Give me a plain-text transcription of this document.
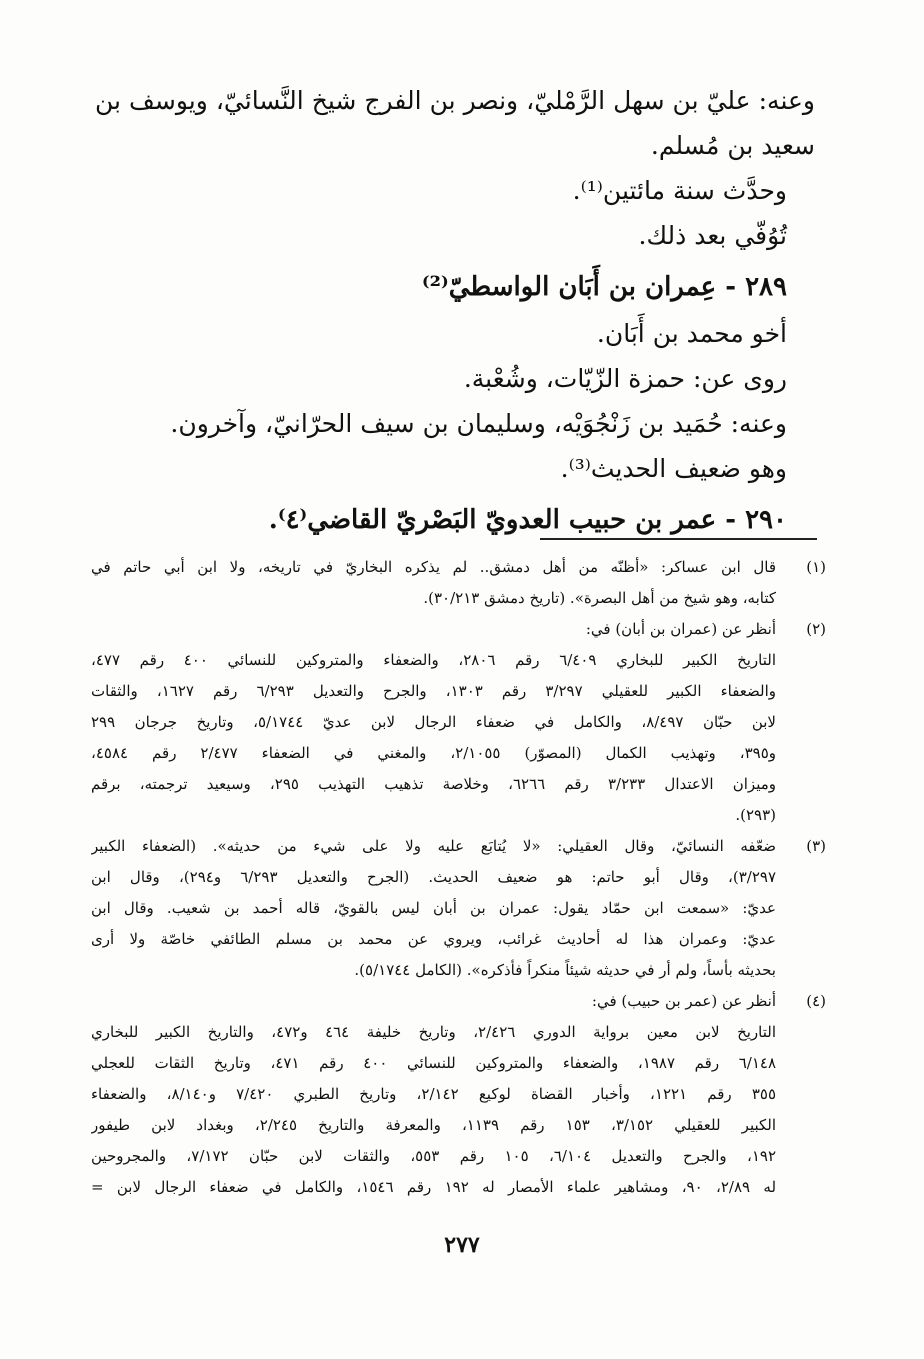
وعنه: عليّ بن سهل الرَّمْليّ، ونصر بن الفرج شيخ النَّسائيّ، ويوسف بن
سعيد بن مُسلم.
وحدَّث سنة مائتين⁽¹⁾.
تُوُفّي بعد ذلك.
٢٨٩ - عِمران بن أَبَان الواسطيّ⁽²⁾
أخو محمد بن أَبَان.
روى عن: حمزة الزّيّات، وشُعْبة.
وعنه: حُمَيد بن زَنْجُوَيْه، وسليمان بن سيف الحرّانيّ، وآخرون.
وهو ضعيف الحديث⁽³⁾.
٢٩٠ - عمر بن حبيب العدويّ البَصْريّ القاضي⁽٤⁾.
(١)
قال ابن عساكر: «أظنّه من أهل دمشق.. لم يذكره البخاريّ في تاريخه، ولا ابن أبي حاتم في
كتابه، وهو شيخ من أهل البصرة». (تاريخ دمشق ٣٠/٢١٣).
(٢)
أنظر عن (عمران بن أبان) في:
التاريخ الكبير للبخاري ٦/٤٠٩ رقم ٢٨٠٦، والضعفاء والمتروكين للنسائي ٤٠٠ رقم ٤٧٧،
والضعفاء الكبير للعقيلي ٣/٢٩٧ رقم ١٣٠٣، والجرح والتعديل ٦/٢٩٣ رقم ١٦٢٧، والثقات
لابن حبّان ٨/٤٩٧، والكامل في ضعفاء الرجال لابن عديّ ٥/١٧٤٤، وتاريخ جرجان ٢٩٩
و٣٩٥، وتهذيب الكمال (المصوّر) ٢/١٠٥٥، والمغني في الضعفاء ٢/٤٧٧ رقم ٤٥٨٤،
وميزان الاعتدال ٣/٢٣٣ رقم ٦٢٦٦، وخلاصة تذهيب التهذيب ٢٩٥، وسيعيد ترجمته، برقم
(٢٩٣).
(٣)
ضعّفه النسائيّ، وقال العقيلي: «لا يُتابَع عليه ولا على شيء من حديثه». (الضعفاء الكبير
٣/٢٩٧)، وقال أبو حاتم: هو ضعيف الحديث. (الجرح والتعديل ٦/٢٩٣ و٢٩٤)، وقال ابن
عديّ: «سمعت ابن حمّاد يقول: عمران بن أبان ليس بالقويّ، قاله أحمد بن شعيب. وقال ابن
عديّ: وعمران هذا له أحاديث غرائب، ويروي عن محمد بن مسلم الطائفي خاصّة ولا أرى
بحديثه بأساً، ولم أر في حديثه شيئاً منكراً فأذكره». (الكامل ٥/١٧٤٤).
(٤)
أنظر عن (عمر بن حبيب) في:
التاريخ لابن معين برواية الدوري ٢/٤٢٦، وتاريخ خليفة ٤٦٤ و٤٧٢، والتاريخ الكبير للبخاري
٦/١٤٨ رقم ١٩٨٧، والضعفاء والمتروكين للنسائي ٤٠٠ رقم ٤٧١، وتاريخ الثقات للعجلي
٣٥٥ رقم ١٢٢١، وأخبار القضاة لوكيع ٢/١٤٢، وتاريخ الطبري ٧/٤٢٠ و٨/١٤٠، والضعفاء
الكبير للعقيلي ٣/١٥٢، ١٥٣ رقم ١١٣٩، والمعرفة والتاريخ ٢/٢٤٥، وبغداد لابن طيفور
١٩٢، والجرح والتعديل ٦/١٠٤، ١٠٥ رقم ٥٥٣، والثقات لابن حبّان ٧/١٧٢، والمجروحين
له ٢/٨٩، ٩٠، ومشاهير علماء الأمصار له ١٩٢ رقم ١٥٤٦، والكامل في ضعفاء الرجال لابن =
٢٧٧
